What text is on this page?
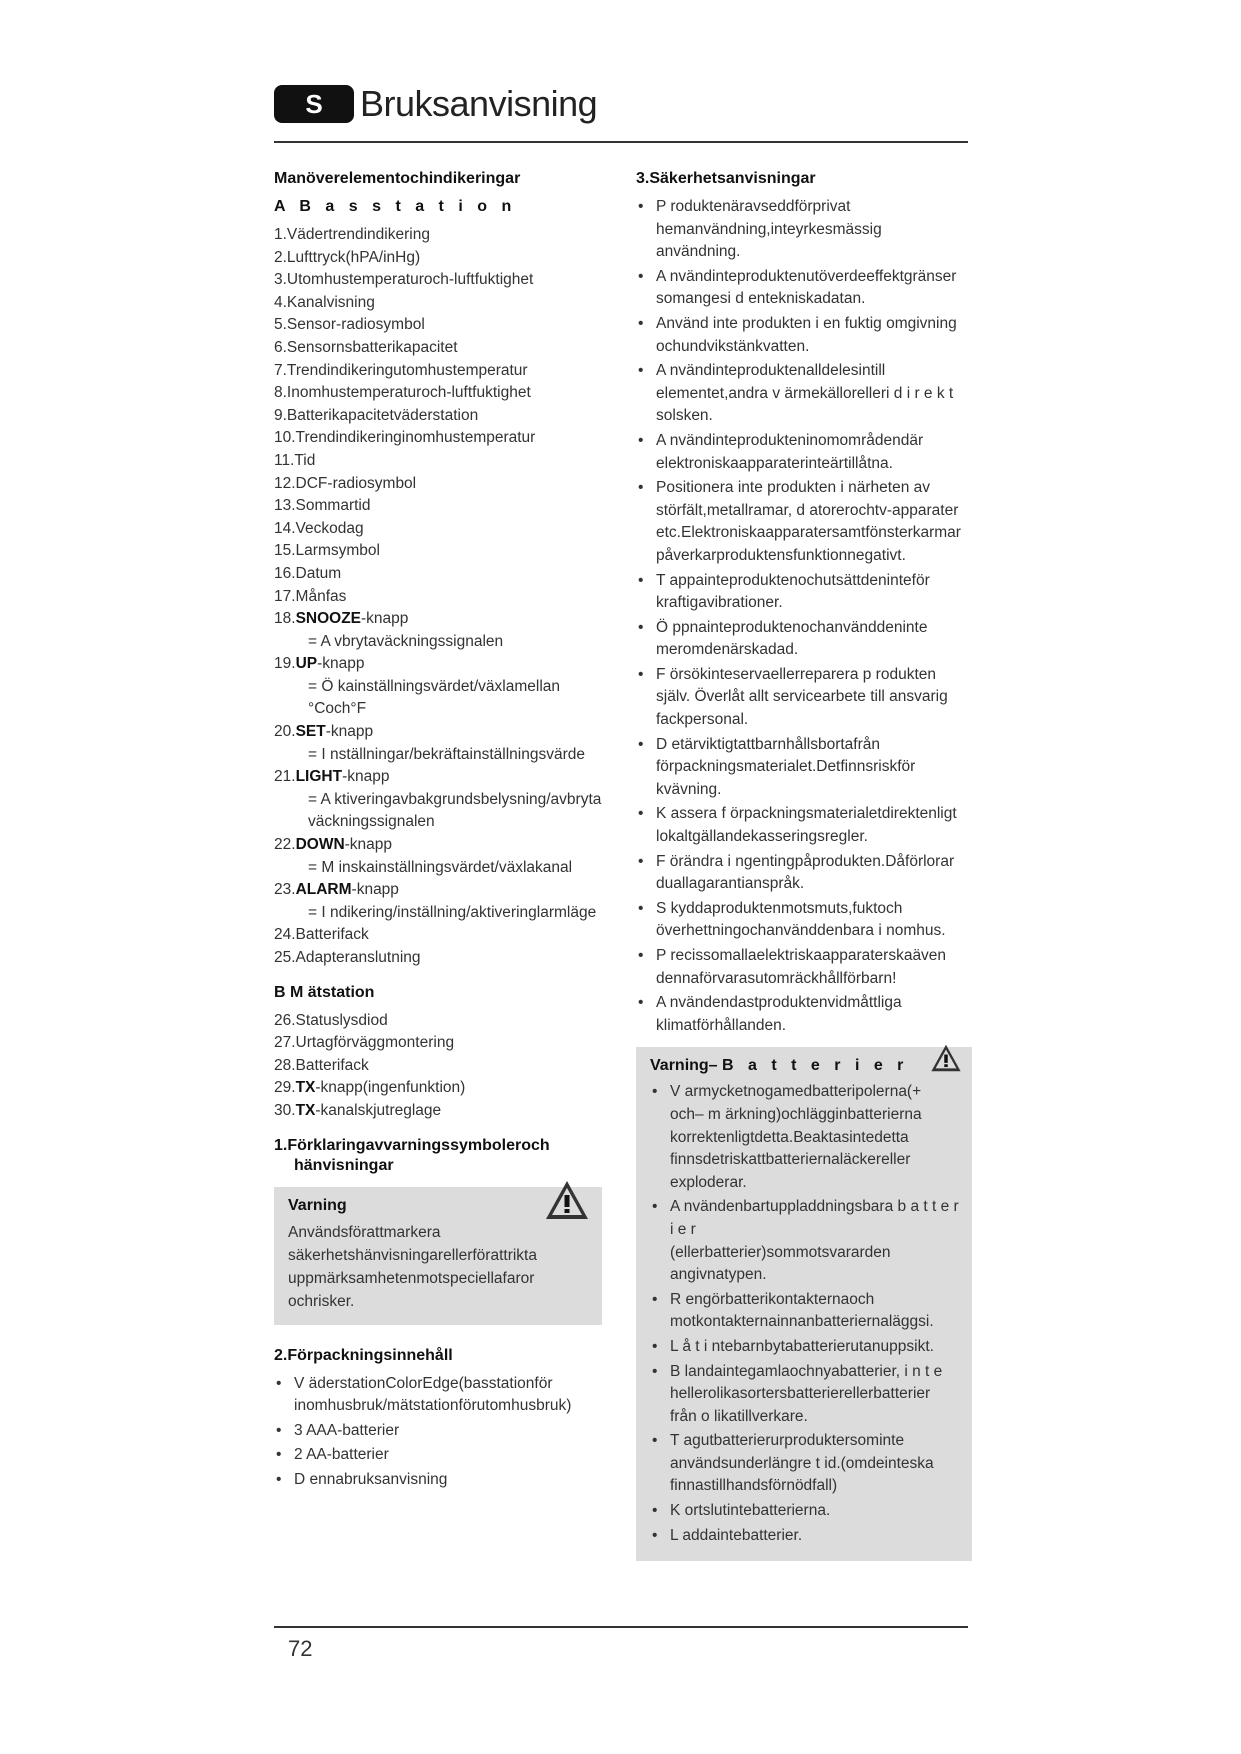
S	Bruksanvisning
Manöverelementochindikeringar
A B a s s t a t i o n
1.Vädertrendindikering
2.Lufttryck(hPA/inHg)
3.Utomhustemperaturoch-luftfuktighet
4.Kanalvisning
5.Sensor-radiosymbol
6.Sensornsbatterikapacitet
7.Trendindikeringutomhustemperatur
8.Inomhustemperaturoch-luftfuktighet
9.Batterikapacitetväderstation
10.Trendindikeringinomhustemperatur
11.Tid
12.DCF-radiosymbol
13.Sommartid
14.Veckodag
15.Larmsymbol
16.Datum
17.Månfas
18.SNOOZE-knapp
= A vbrytaväckningssignalen
19.UP-knapp
= Ö kainställningsvärdet/växlamellan
°Coch°F
20.SET-knapp
= I nställningar/bekräftainställningsvärde
21.LIGHT-knapp
= A ktiveringavbakgrundsbelysning/avbryta
väckningssignalen
22.DOWN-knapp
= M inskainställningsvärdet/växlakanal
23.ALARM-knapp
= I ndikering/inställning/aktiveringlarmläge
24.Batterifack
25.Adapteranslutning
B M ätstation
26.Statuslysdiod
27.Urtagförväggmontering
28.Batterifack
29.TX-knapp(ingenfunktion)
30.TX-kanalskjutreglage
1.Förklaringavvarningssymboleroch
hänvisningar
Varning
Användsförattmarkera
säkerhetshänvisningarellerförattrikta
uppmärksamhetenmotspeciellafaror
ochrisker.
2.Förpackningsinnehåll
• V äderstationColorEdge(basstationför
inomhusbruk/mätstationförutomhusbruk)
• 3 AAA-batterier
• 2 AA-batterier
• D ennabruksanvisning
3.Säkerhetsanvisningar
• P roduktenäravseddförprivat
hemanvändning,inteyrkesmässig
användning.
• A nvändinteproduktenutöverdeeffektgränser
somangesi d entekniskadatan.
• Använd inte produkten i en fuktig omgivning
ochundvikstänkvatten.
• A nvändinteproduktenalldelesintill
elementet,andra v ärmekällorelleri d i r e k t
solsken.
• A nvändinteprodukteninomområdendär
elektroniskaapparaterinteärtillåtna.
• Positionera inte produkten i närheten av
störfält,metallramar, d atorerochtv-apparater
etc.Elektroniskaapparatersamtfönsterkarmar
påverkarproduktensfunktionnegativt.
• T appainteproduktenochutsättdeninteför
kraftigavibrationer.
• Ö ppnainteproduktenochanvänddeninte
meromdenärskadad.
• F örsökinteservaellerreparera p rodukten
själv. Överlåt allt servicearbete till ansvarig
fackpersonal.
• D etärviktigtattbarnhållsbortafrån
förpackningsmaterialet.Detfinnsriskför
kvävning.
• K assera f örpackningsmaterialetdirektenligt
lokaltgällandekasseringsregler.
• F örändra i ngentingpåprodukten.Dåförlorar
duallagarantianspråk.
• S kyddaproduktenmotsmuts,fuktoch
överhettningochanvänddenbara i nomhus.
• P recissomallaelektriskaapparaterskaäven
dennaförvarasutomräckhållförbarn!
• A nvändendastproduktenvidmåttliga
klimatförhållanden.
Varning– B a t t e r i e r
• V armycketnogamedbatteripolerna(+
och– m ärkning)ochlägginbatterierna
korrektenligtdetta.Beaktasintedetta
finnsdetriskattbatteriernaläckereller
exploderar.
• A nvändenbartuppladdningsbara b a t t e r i e r
(ellerbatterier)sommotsvararden
angivnatypen.
• R engörbatterikontakternaoch
motkontakternainnanbatteriernaläggsi.
• L å t i ntebarnbytabatterierutanuppsikt.
• B landaintegamlaochnyabatterier, i n t e
hellerolikasortersbatterierellerbatterier
från o likatillverkare.
• T agutbatterierurproduktersominte
användsunderlängre t id.(omdeinteska
finnastillhandsförnödfall)
• K ortslutintebatterierna.
• L addaintebatterier.
72
